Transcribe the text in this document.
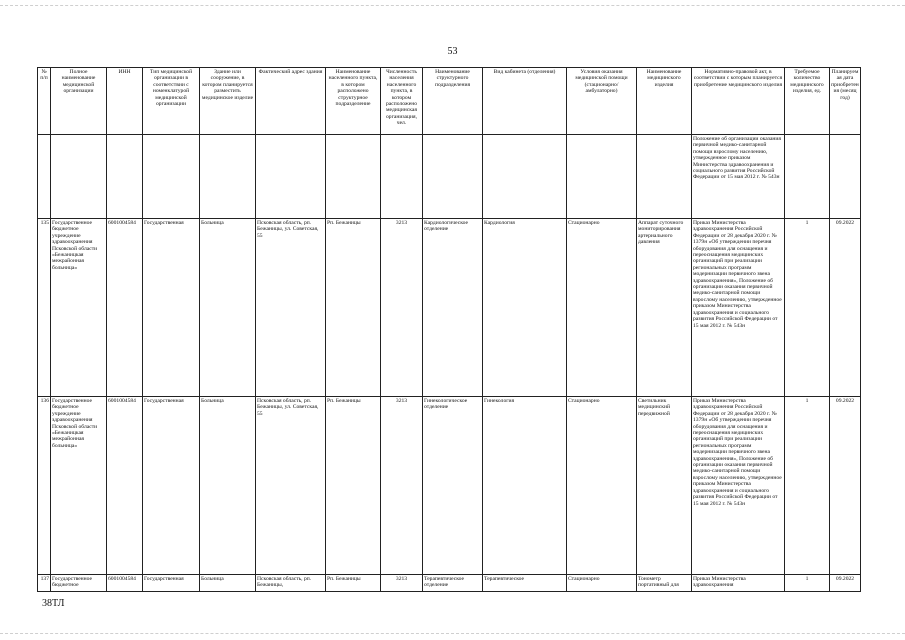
53
№ п/п	Полное наименование медицинской организации	ИНН	Тип медицинской организации в соответствии с номенклатурой медицинской организации	Здание или сооружение, в котором планируется разместить медицинское изделие	Фактический адрес здания	Наименование населенного пункта, в котором расположено структурное подразделение	Численность населения населенного пункта, в котором расположено медицинская организация, чел.	Наименование структурного подразделения	Вид кабинета (отделения)	Условия оказания медицинской помощи (стационарно/ амбулаторно)	Наименование медицинского изделия	Нормативно-правовой акт, в соответствии с которым планируется приобретение медицинского изделия	Требуемое количество медицинского изделия, ед.	Планируемая дата приобретения (месяц год)
												Положение об организации оказания первичной медико-санитарной помощи взрослому населению, утвержденное приказом Министерства здравоохранения и социального развития Российской Федерации от 15 мая 2012 г. № 543н		
135	Государственное бюджетное учреждение здравоохранения Псковской области «Бежаницкая межрайонная больница»	6001004584	Государственная	Больница	Псковская область, рп. Бежаницы, ул. Советская, 55	Рп. Бежаницы	3213	Кардиологическое отделение	Кардиология	Стационарно	Аппарат суточного мониторирования артериального давления	Приказ Министерства здравоохранения Российской Федерации от 28 декабря 2020 г. № 1379н «Об утверждении перечня оборудования для оснащения и переоснащения медицинских организаций при реализации региональных программ модернизации первичного звена здравоохранения», Положение об организации оказания первичной медико-санитарной помощи взрослому населению, утвержденное приказом Министерства здравоохранения и социального развития Российской Федерации от 15 мая 2012 г. № 543н	1	09.2022
136	Государственное бюджетное учреждение здравоохранения Псковской области «Бежаницкая межрайонная больница»	6001004584	Государственная	Больница	Псковская область, рп. Бежаницы, ул. Советская, 55	Рп. Бежаницы	3213	Гинекологическое отделение	Гинекология	Стационарно	Светильник медицинский передвижной	Приказ Министерства здравоохранения Российской Федерации от 28 декабря 2020 г. № 1379н «Об утверждении перечня оборудования для оснащения и переоснащения медицинских организаций при реализации региональных программ модернизации первичного звена здравоохранения», Положение об организации оказания первичной медико-санитарной помощи взрослому населению, утвержденное приказом Министерства здравоохранения и социального развития Российской Федерации от 15 мая 2012 г. № 543н	1	09.2022
137	Государственное бюджетное	6001004584	Государственная	Больница	Псковская область, рп. Бежаницы,	Рп. Бежаницы	3213	Терапевтическое отделение	Терапевтическое	Стационарно	Тонометр портативный для	Приказ Министерства здравоохранения	1	09.2022
38ТЛ
